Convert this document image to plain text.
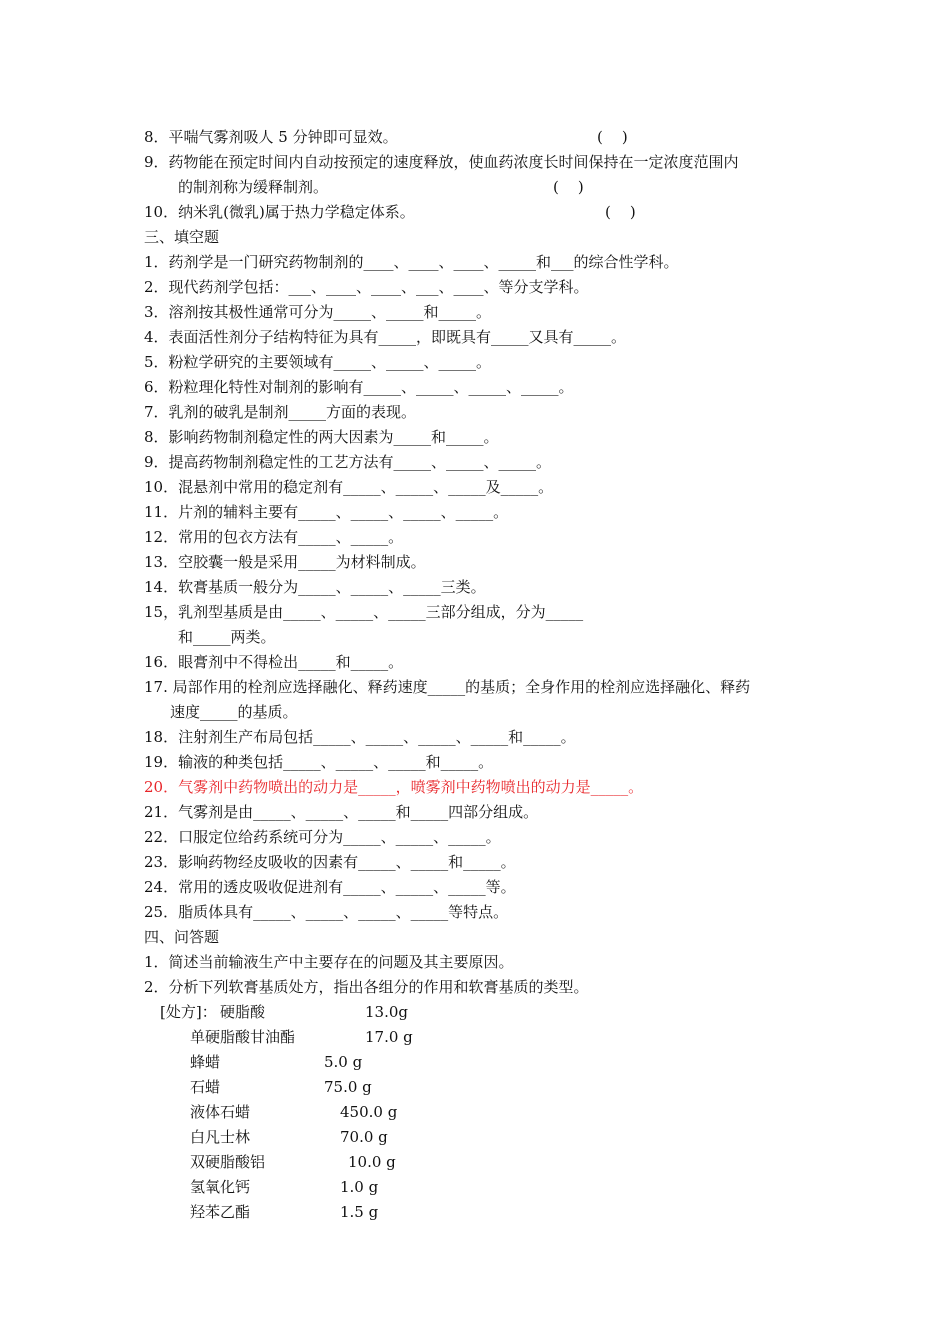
8．平喘气雾剂吸人 5 分钟即可显效。	(    )
9．药物能在预定时间内自动按预定的速度释放，使血药浓度长时间保持在一定浓度范围内
的制剂称为缓释制剂。	(    )
10．纳米乳(微乳)属于热力学稳定体系。	(    )
三、填空题
1．药剂学是一门研究药物制剂的____、____、____、_____和___的综合性学科。
2．现代药剂学包括：___、____、____、___、____、等分支学科。
3．溶剂按其极性通常可分为_____、_____和_____。
4．表面活性剂分子结构特征为具有_____，即既具有_____又具有_____。
5．粉粒学研究的主要领域有_____、_____、_____。
6．粉粒理化特性对制剂的影响有_____、_____、_____、_____。
7．乳剂的破乳是制剂_____方面的表现。
8．影响药物制剂稳定性的两大因素为_____和_____。
9．提高药物制剂稳定性的工艺方法有_____、_____、_____。
10．混悬剂中常用的稳定剂有_____、_____、_____及_____。
11．片剂的辅料主要有_____、_____、_____、_____。
12．常用的包衣方法有_____、_____。
13．空胶囊一般是采用_____为材料制成。
14．软膏基质一般分为_____、_____、_____三类。
15，乳剂型基质是由_____、_____、_____三部分组成，分为_____
和_____两类。
16．眼膏剂中不得检出_____和_____。
17. 局部作用的栓剂应选择融化、释药速度_____的基质；全身作用的栓剂应选择融化、释药
速度_____的基质。
18．注射剂生产布局包括_____、_____、_____、_____和_____。
19．输液的种类包括_____、_____、_____和_____。
20．气雾剂中药物喷出的动力是_____，喷雾剂中药物喷出的动力是_____。
21．气雾剂是由_____、_____、_____和_____四部分组成。
22．口服定位给药系统可分为_____、_____、_____。
23．影响药物经皮吸收的因素有_____、_____和_____。
24．常用的透皮吸收促进剂有_____、_____、_____等。
25．脂质体具有_____、_____、_____、_____等特点。
四、问答题
1．简述当前输液生产中主要存在的问题及其主要原因。
2．分析下列软膏基质处方，指出各组分的作用和软膏基质的类型。
[处方]： 硬脂酸	13.0g
单硬脂酸甘油酯	17.0 g
蜂蜡	5.0 g
石蜡	75.0 g
液体石蜡	450.0 g
白凡士林	70.0 g
双硬脂酸铝	10.0 g
氢氧化钙	1.0 g
羟苯乙酯	1.5 g
